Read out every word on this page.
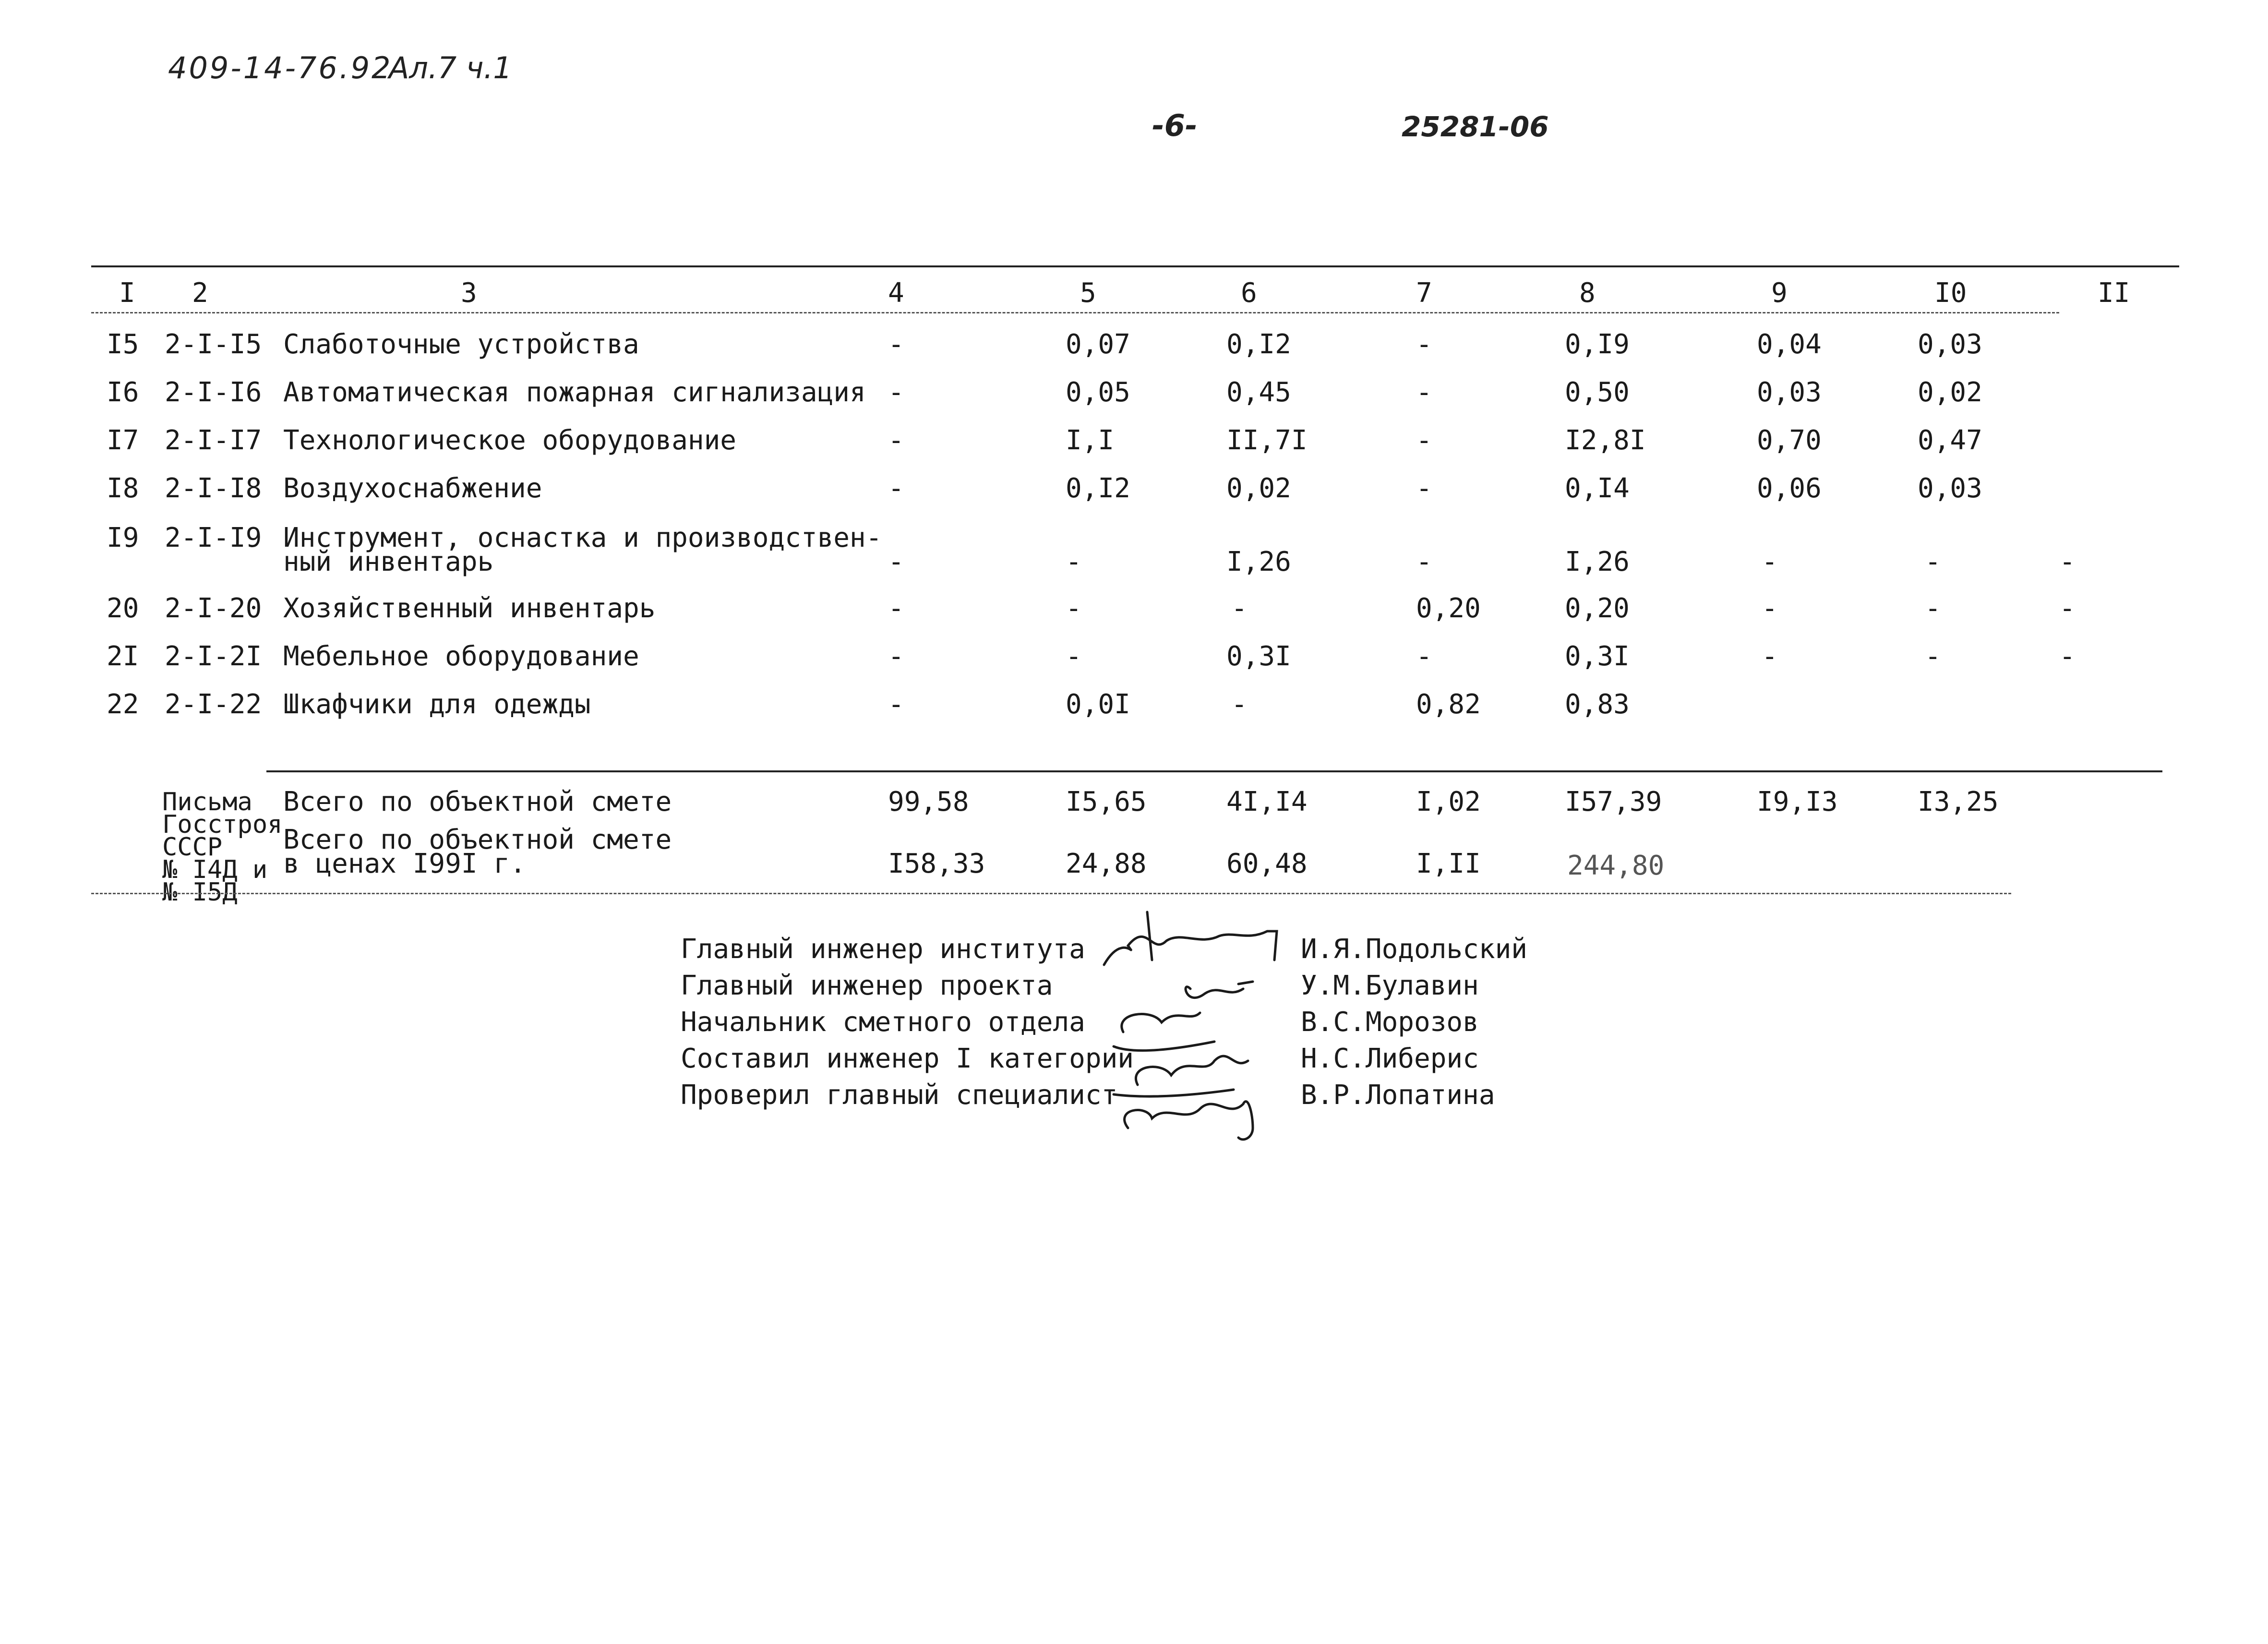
409-14-76.92
Ал.7 ч.1
-6-	25281-06
I 2	3	4	5	6	7	8	9	I0	II
I5 2-I-I5 Слаботочные устройства	-	0,07	0,I2	-	0,I9	0,04	0,03
I6 2-I-I6 Автоматическая пожарная сигнализация -	0,05	0,45	-	0,50	0,03	0,02
I7 2-I-I7 Технологическое оборудование	-	I,I	II,7I	-	I2,8I	0,70	0,47
I8 2-I-I8 Воздухоснабжение	-	0,I2	0,02	-	0,I4	0,06	0,03
I9 2-I-I9 Инструмент, оснастка и производствен-
ный инвентарь	-	-	I,26	-	I,26	-	-	-
20 2-I-20 Хозяйственный инвентарь	-	-	-	0,20	0,20	-	-	-
2I 2-I-2I Мебельное оборудование	-	-	0,3I	-	0,3I	-	-	-
22 2-I-22 Шкафчики для одежды	-	0,0I	-	0,82	0,83
Письма
Госстроя
СССР
№ I4Д и
№ I5Д
Всего по объектной смете	99,58	I5,65	4I,I4	I,02	I57,39	I9,I3	I3,25
Всего по объектной смете
в ценах I99I г.	I58,33	24,88	60,48	I,II	244,80
Главный инженер института
Главный инженер проекта
Начальник сметного отдела
Составил инженер I категории
Проверил главный специалист
И.Я.Подольский
У.М.Булавин
В.С.Морозов
Н.С.Либерис
В.Р.Лопатина
